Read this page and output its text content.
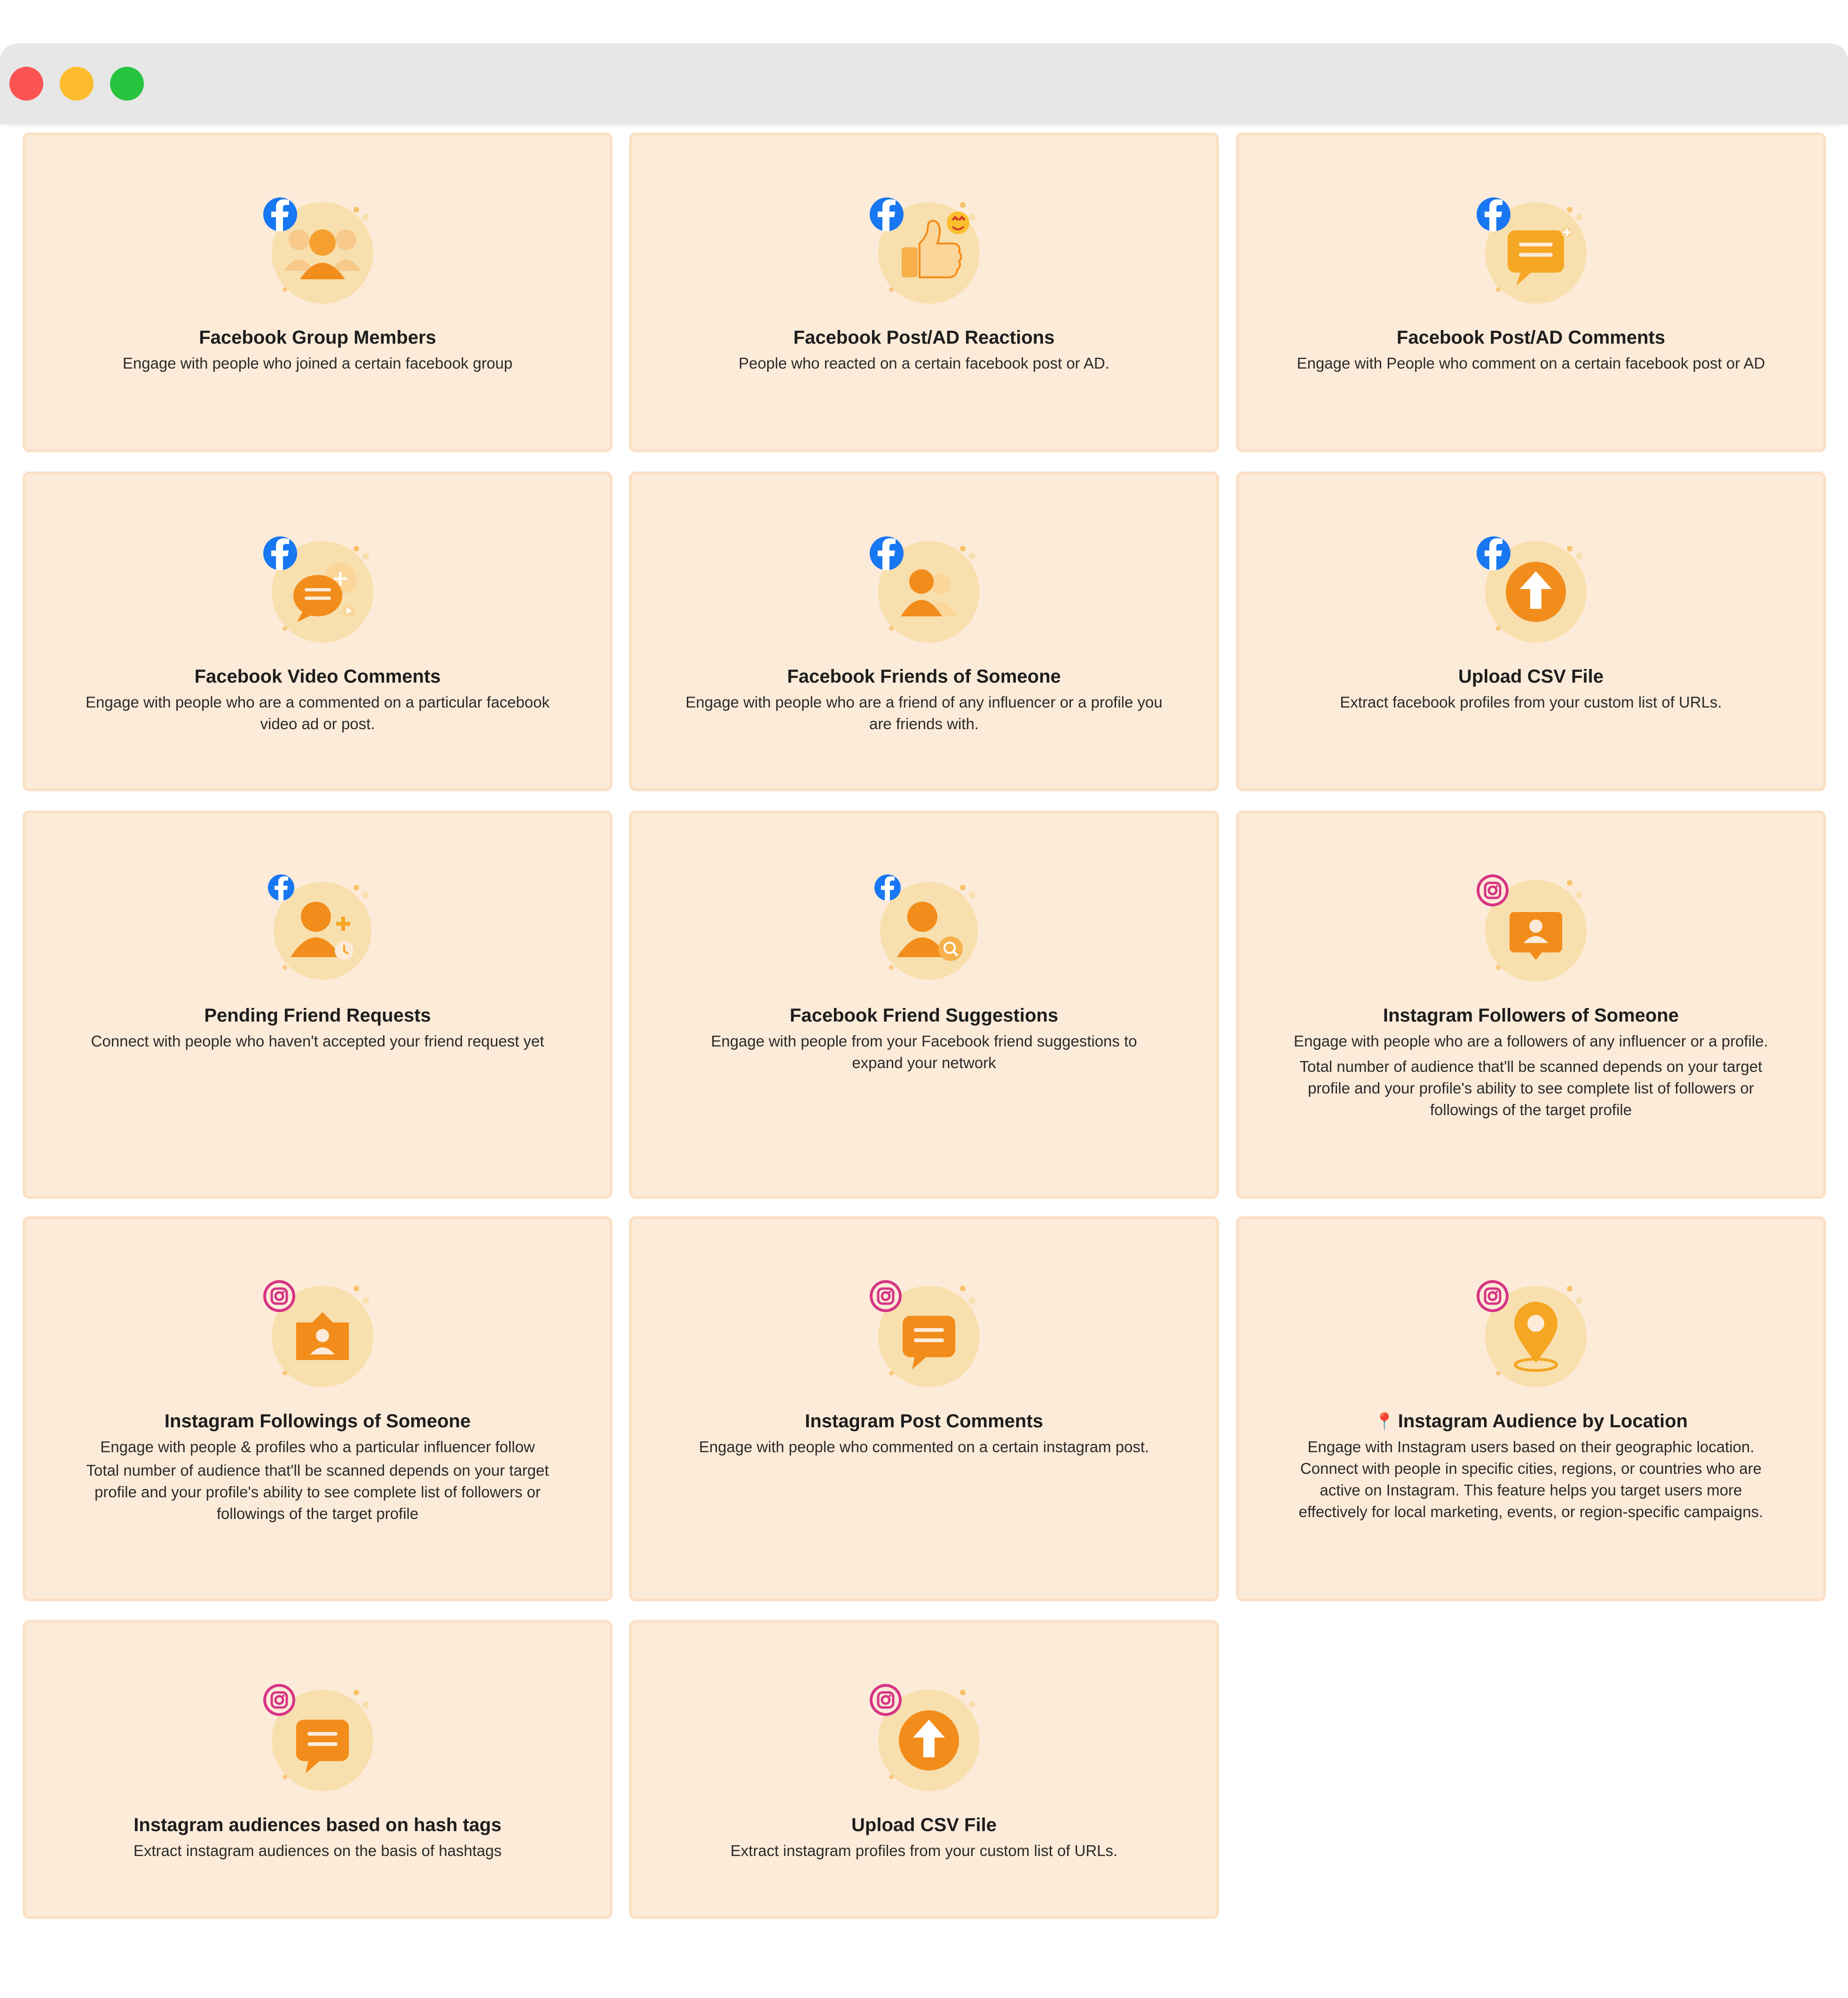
Facebook Group Members
Engage with people who joined a certain facebook group
Facebook Post/AD Reactions
People who reacted on a certain facebook post or AD.
Facebook Post/AD Comments
Engage with People who comment on a certain facebook post or AD
Facebook Video Comments
Engage with people who are a commented on a particular facebook video ad or post.
Facebook Friends of Someone
Engage with people who are a friend of any influencer or a profile you are friends with.
Upload CSV File
Extract facebook profiles from your custom list of URLs.
Pending Friend Requests
Connect with people who haven't accepted your friend request yet
Facebook Friend Suggestions
Engage with people from your Facebook friend suggestions to expand your network
Instagram Followers of Someone
Engage with people who are a followers of any influencer or a profile.
Total number of audience that'll be scanned depends on your target profile and your profile's ability to see complete list of followers or followings of the target profile
Instagram Followings of Someone
Engage with people & profiles who a particular influencer follow
Total number of audience that'll be scanned depends on your target profile and your profile's ability to see complete list of followers or followings of the target profile
Instagram Post Comments
Engage with people who commented on a certain instagram post.
📍 Instagram Audience by Location
Engage with Instagram users based on their geographic location. Connect with people in specific cities, regions, or countries who are active on Instagram. This feature helps you target users more effectively for local marketing, events, or region-specific campaigns.
Instagram audiences based on hash tags
Extract instagram audiences on the basis of hashtags
Upload CSV File
Extract instagram profiles from your custom list of URLs.
